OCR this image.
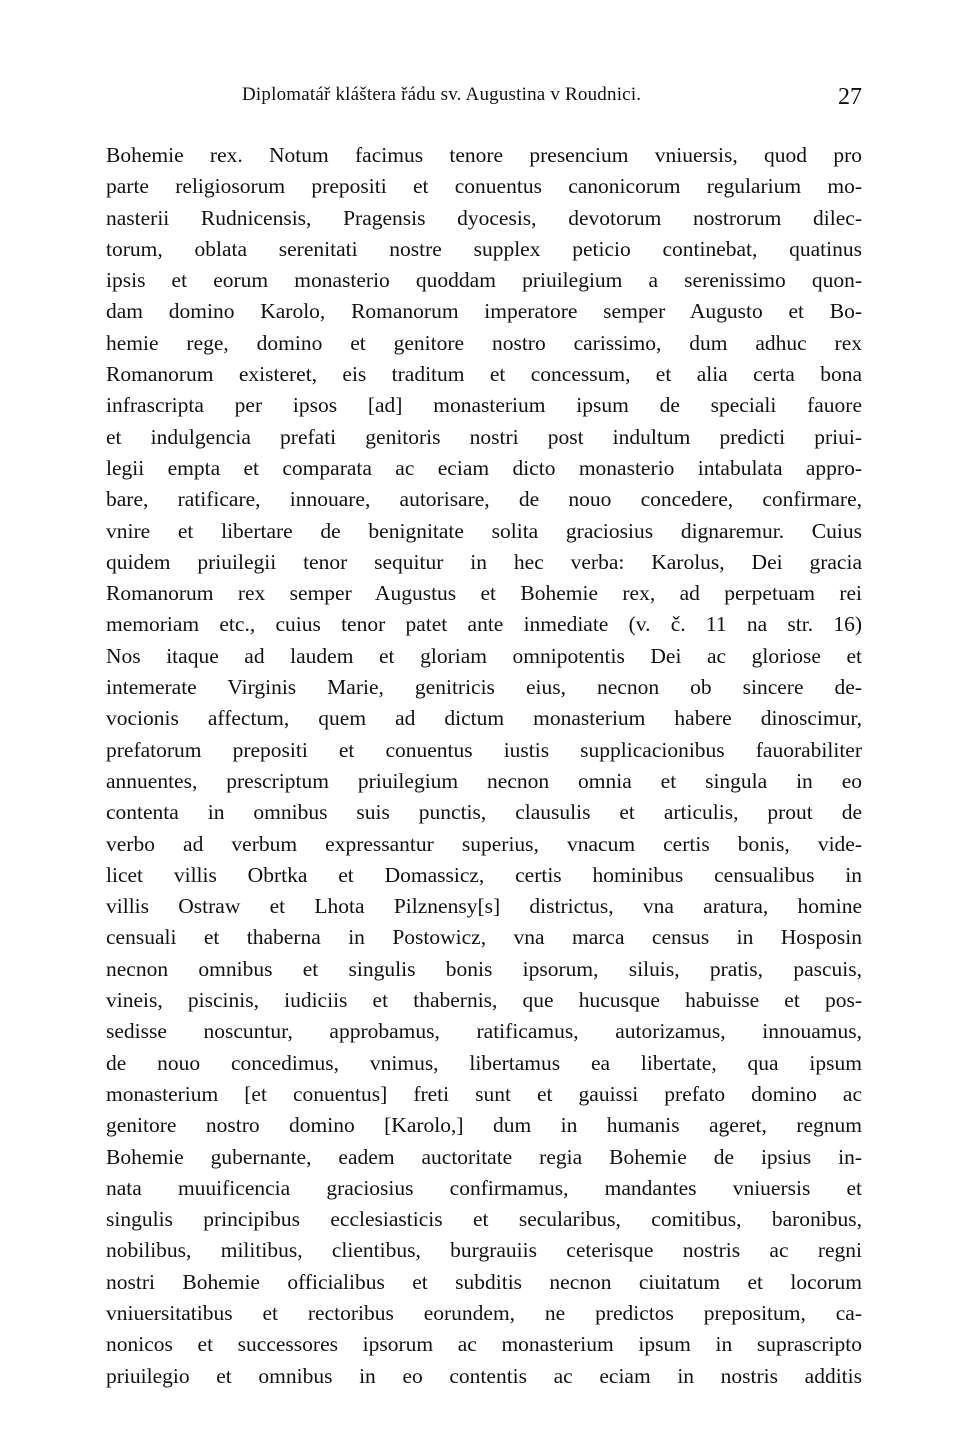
Diplomatář kláštera řádu sv. Augustina v Roudnici.	27
Bohemie rex. Notum facimus tenore presencium vniuersis, quod pro
parte religiosorum prepositi et conuentus canonicorum regularium mo-
nasterii Rudnicensis, Pragensis dyocesis, devotorum nostrorum dilec-
torum, oblata serenitati nostre supplex peticio continebat, quatinus
ipsis et eorum monasterio quoddam priuilegium a serenissimo quon-
dam domino Karolo, Romanorum imperatore semper Augusto et Bo-
hemie rege, domino et genitore nostro carissimo, dum adhuc rex
Romanorum existeret, eis traditum et concessum, et alia certa bona
infrascripta per ipsos [ad] monasterium ipsum de speciali fauore
et indulgencia prefati genitoris nostri post indultum predicti priui-
legii empta et comparata ac eciam dicto monasterio intabulata appro-
bare, ratificare, innouare, autorisare, de nouo concedere, confirmare,
vnire et libertare de benignitate solita graciosius dignaremur. Cuius
quidem priuilegii tenor sequitur in hec verba: Karolus, Dei gracia
Romanorum rex semper Augustus et Bohemie rex, ad perpetuam rei
memoriam etc., cuius tenor patet ante inmediate (v. č. 11 na str. 16)
Nos itaque ad laudem et gloriam omnipotentis Dei ac gloriose et
intemerate Virginis Marie, genitricis eius, necnon ob sincere de-
vocionis affectum, quem ad dictum monasterium habere dinoscimur,
prefatorum prepositi et conuentus iustis supplicacionibus fauorabiliter
annuentes, prescriptum priuilegium necnon omnia et singula in eo
contenta in omnibus suis punctis, clausulis et articulis, prout de
verbo ad verbum expressantur superius, vnacum certis bonis, vide-
licet villis Obrtka et Domassicz, certis hominibus censualibus in
villis Ostraw et Lhota Pilznensy[s] districtus, vna aratura, homine
censuali et thaberna in Postowicz, vna marca census in Hosposin
necnon omnibus et singulis bonis ipsorum, siluis, pratis, pascuis,
vineis, piscinis, iudiciis et thabernis, que hucusque habuisse et pos-
sedisse noscuntur, approbamus, ratificamus, autorizamus, innouamus,
de nouo concedimus, vnimus, libertamus ea libertate, qua ipsum
monasterium [et conuentus] freti sunt et gauissi prefato domino ac
genitore nostro domino [Karolo,] dum in humanis ageret, regnum
Bohemie gubernante, eadem auctoritate regia Bohemie de ipsius in-
nata muuificencia graciosius confirmamus, mandantes vniuersis et
singulis principibus ecclesiasticis et secularibus, comitibus, baronibus,
nobilibus, militibus, clientibus, burgrauiis ceterisque nostris ac regni
nostri Bohemie officialibus et subditis necnon ciuitatum et locorum
vniuersitatibus et rectoribus eorundem, ne predictos prepositum, ca-
nonicos et successores ipsorum ac monasterium ipsum in suprascripto
priuilegio et omnibus in eo contentis ac eciam in nostris additis
